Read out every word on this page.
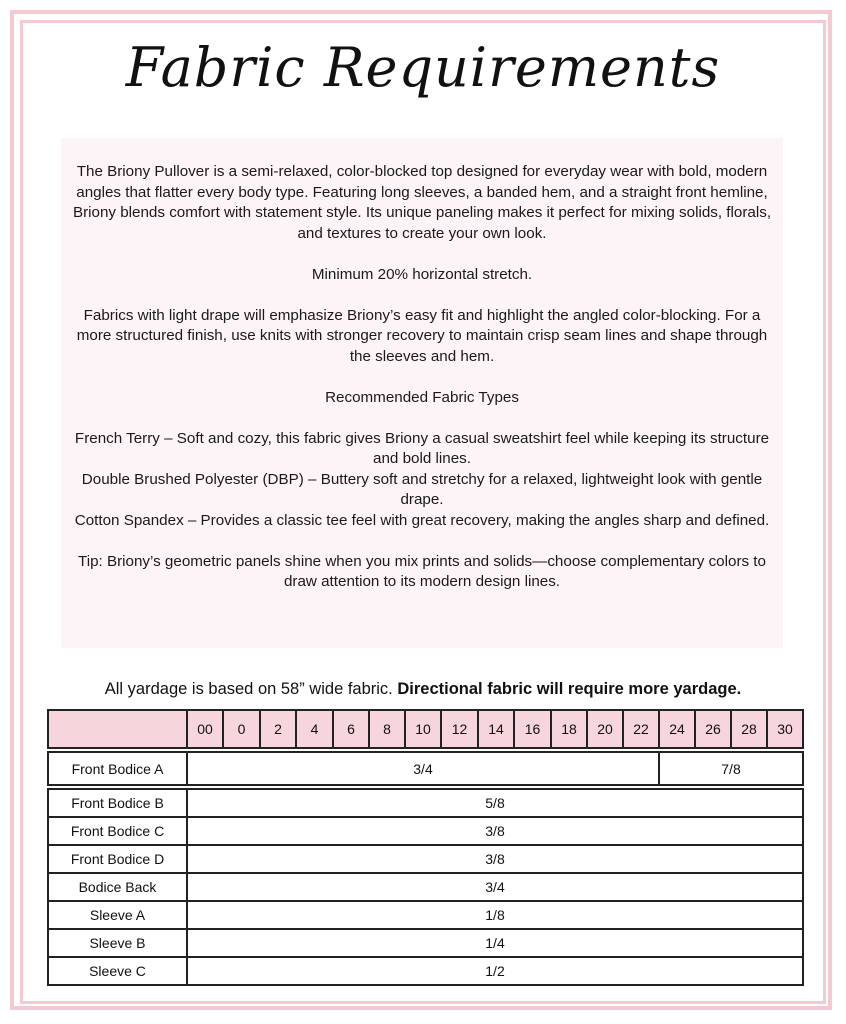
Fabric Requirements

The Briony Pullover is a semi-relaxed, color-blocked top designed for everyday wear with bold, modern angles that flatter every body type. Featuring long sleeves, a banded hem, and a straight front hemline, Briony blends comfort with statement style. Its unique paneling makes it perfect for mixing solids, florals, and textures to create your own look.

Minimum 20% horizontal stretch.

Fabrics with light drape will emphasize Briony’s easy fit and highlight the angled color-blocking. For a more structured finish, use knits with stronger recovery to maintain crisp seam lines and shape through the sleeves and hem.

Recommended Fabric Types

French Terry – Soft and cozy, this fabric gives Briony a casual sweatshirt feel while keeping its structure and bold lines.

Double Brushed Polyester (DBP) – Buttery soft and stretchy for a relaxed, lightweight look with gentle drape.

Cotton Spandex – Provides a classic tee feel with great recovery, making the angles sharp and defined.

Tip: Briony’s geometric panels shine when you mix prints and solids—choose complementary colors to draw attention to its modern design lines.

All yardage is based on 58” wide fabric. Directional fabric will require more yardage.
	00	0	2	4	6	8	10	12	14	16	18	20	22	24	26	28	30

Front Bodice A	3/4													7/8			

Front Bodice B	5/8																
Front Bodice C	3/8																
Front Bodice D	3/8																
Bodice Back	3/4																
Sleeve A	1/8																
Sleeve B	1/4																
Sleeve C	1/2																
